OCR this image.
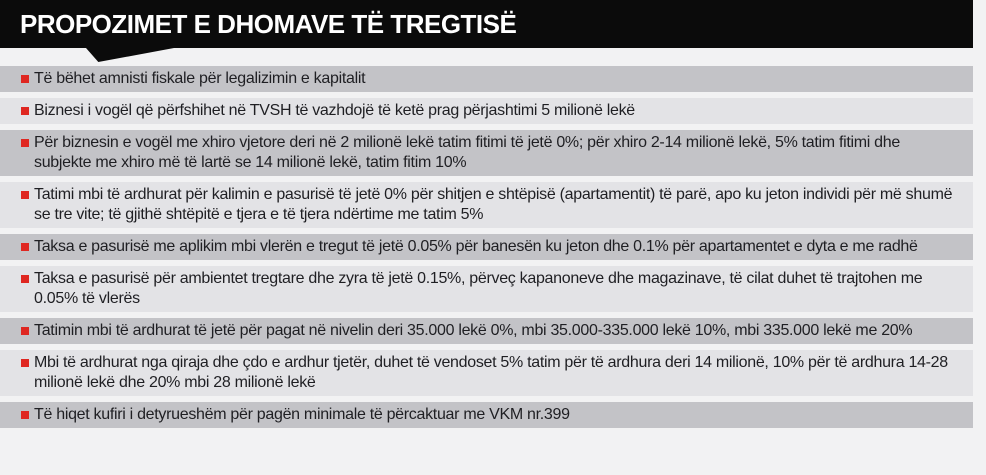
PROPOZIMET E DHOMAVE TË TREGTISË
Të bëhet amnisti fiskale për legalizimin e kapitalit
Biznesi i vogël që përfshihet në TVSH të vazhdojë të ketë prag përjashtimi 5 milionë lekë
Për biznesin e vogël me xhiro vjetore deri në 2 milionë lekë tatim fitimi të jetë 0%; për xhiro 2-14 milionë lekë, 5% tatim fitimi dhe subjekte me xhiro më të lartë se 14 milionë lekë, tatim fitim 10%
Tatimi mbi të ardhurat për kalimin e pasurisë të jetë 0% për shitjen e shtëpisë (apartamentit) të parë, apo ku jeton individi për më shumë se tre vite; të gjithë shtëpitë e tjera e të tjera ndërtime me tatim 5%
Taksa e pasurisë me aplikim mbi vlerën e tregut të jetë 0.05% për banesën ku jeton dhe 0.1% për apartamentet e dyta e me radhë
Taksa e pasurisë për ambientet tregtare dhe zyra të jetë 0.15%, përveç kapanoneve dhe magazinave, të cilat duhet të trajtohen me 0.05% të vlerës
Tatimin mbi të ardhurat të jetë për pagat në nivelin deri 35.000 lekë 0%, mbi 35.000-335.000 lekë 10%, mbi 335.000 lekë me 20%
Mbi të ardhurat nga qiraja dhe çdo e ardhur tjetër, duhet të vendoset 5% tatim për të ardhura deri 14 milionë, 10% për të ardhura 14-28 milionë lekë dhe 20% mbi 28 milionë lekë
Të hiqet kufiri i detyrueshëm për pagën minimale të përcaktuar me VKM nr.399
